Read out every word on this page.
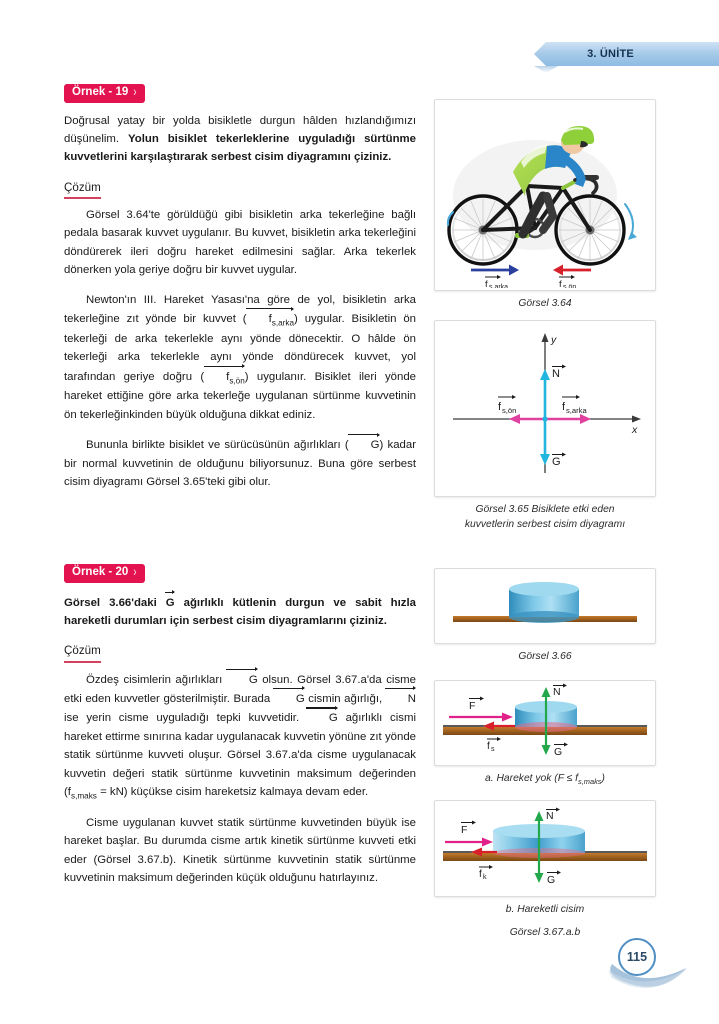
3. ÜNİTE
Örnek - 19 ›
Doğrusal yatay bir yolda bisikletle durgun hâlden hızlandığımızı düşünelim. Yolun bisiklet tekerleklerine uyguladığı sürtünme kuvvetlerini karşılaştırarak serbest cisim diyagramını çiziniz.
Çözüm

Görsel 3.64'te görüldüğü gibi bisikletin arka tekerleğine bağlı pedala basarak kuvvet uygulanır. Bu kuvvet, bisikletin arka tekerleğini döndürerek ileri doğru hareket edilmesini sağlar. Arka tekerlek dönerken yola geriye doğru bir kuvvet uygular.

Newton'ın III. Hareket Yasası'na göre de yol, bisikletin arka tekerleğine zıt yönde bir kuvvet ( $f_{s,arka}$) uygular. Bisikletin ön tekerleği de arka tekerlekle aynı yönde dönecektir. O hâlde ön tekerleği arka tekerlekle aynı yönde döndürecek kuvvet, yol tarafından geriye doğru ( $f_{s,ön}$) uygulanır. Bisiklet ileri yönde hareket ettiğine göre arka tekerleğe uygulanan sürtünme kuvvetinin ön tekerleğinkinden büyük olduğuna dikkat ediniz.
Bununla birlikte bisiklet ve sürücüsünün ağırlıkları ( G) kadar bir normal kuvvetinin de olduğunu biliyorsunuz. Buna göre serbest cisim diyagramı Görsel 3.65'teki gibi olur.
f s,arka	f s,ön
Görsel 3.64
y
x
N
G
f s,arka
f s,ön
Görsel 3.65 Bisiklete etki eden
kuvvetlerin serbest cisim diyagramı
Örnek - 20 ›
Görsel 3.66'daki G ağırlıklı kütlenin durgun ve sabit hızla hareketli durumları için serbest cisim diyagramlarını çiziniz.
Çözüm
Özdeş cisimlerin ağırlıkları G olsun. Görsel 3.67.a'da cisme etki eden kuvvetler gösterilmiştir. Burada G cismin ağırlığı, N ise yerin cisme uyguladığı tepki kuvvetidir. G ağırlıklı cismi hareket ettirme sınırına kadar uygulanacak kuvvetin yönüne zıt yönde statik sürtünme kuvveti oluşur. Görsel 3.67.a'da cisme uygulanacak kuvvetin değeri statik sürtünme kuvvetinin maksimum değerinden $(f_{s,maks} = kN)$ küçükse cisim hareketsiz kalmaya devam eder.

Cisme uygulanan kuvvet statik sürtünme kuvvetinden büyük ise hareket başlar. Bu durumda cisme artık kinetik sürtünme kuvveti etki eder (Görsel 3.67.b). Kinetik sürtünme kuvvetinin statik sürtünme kuvvetinin maksimum değerinden küçük olduğunu hatırlayınız.

Görsel 3.66
N
G
F
f s
a. Hareket yok $(F \le f_{s,maks})$
N
G
F
f k
b. Hareketli cisim
Görsel 3.67.a.b
115
